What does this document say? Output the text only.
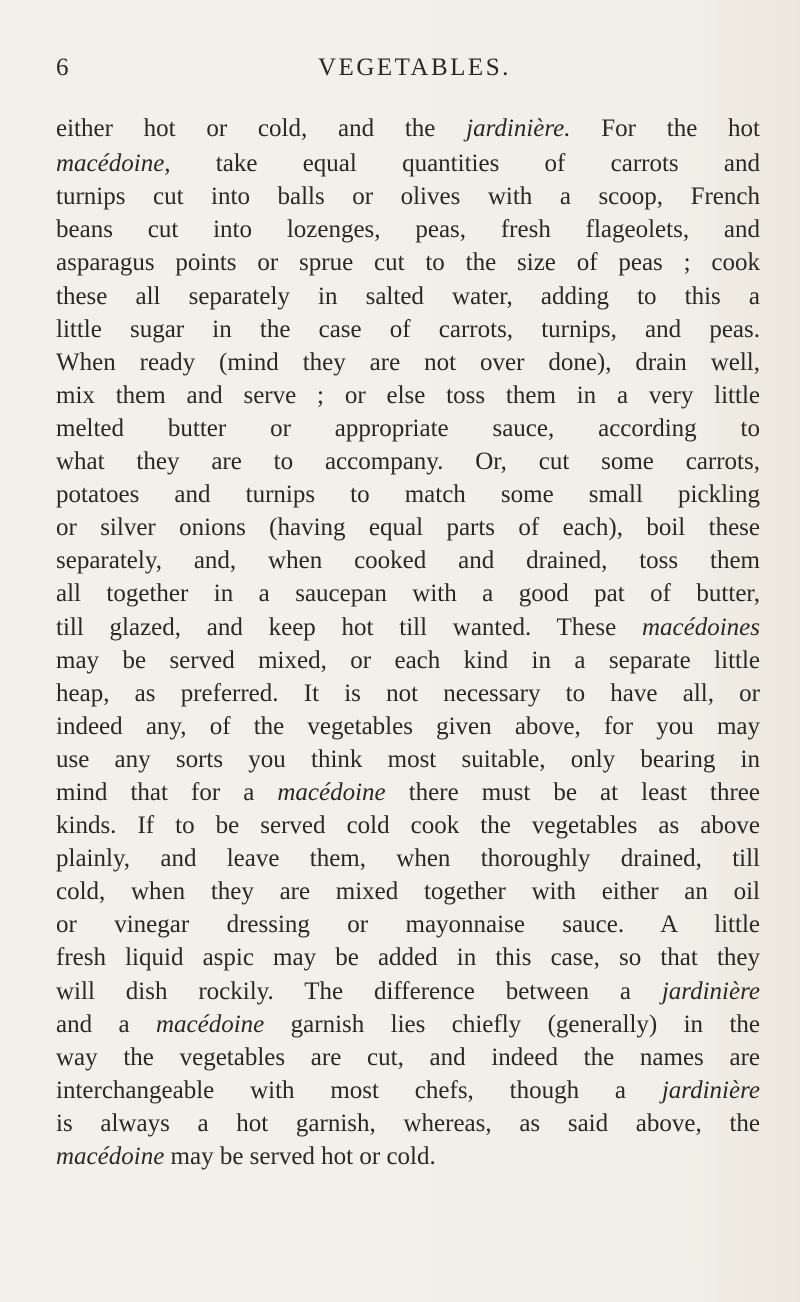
6	VEGETABLES.
either hot or cold, and the jardinière. For the hot
macédoine, take equal quantities of carrots and
turnips cut into balls or olives with a scoop, French
beans cut into lozenges, peas, fresh flageolets, and
asparagus points or sprue cut to the size of peas ; cook
these all separately in salted water, adding to this a
little sugar in the case of carrots, turnips, and peas.
When ready (mind they are not over done), drain well,
mix them and serve ; or else toss them in a very little
melted butter or appropriate sauce, according to
what they are to accompany. Or, cut some carrots,
potatoes and turnips to match some small pickling
or silver onions (having equal parts of each), boil these
separately, and, when cooked and drained, toss them
all together in a saucepan with a good pat of butter,
till glazed, and keep hot till wanted. These macédoines
may be served mixed, or each kind in a separate little
heap, as preferred. It is not necessary to have all, or
indeed any, of the vegetables given above, for you may
use any sorts you think most suitable, only bearing in
mind that for a macédoine there must be at least three
kinds. If to be served cold cook the vegetables as above
plainly, and leave them, when thoroughly drained, till
cold, when they are mixed together with either an oil
or vinegar dressing or mayonnaise sauce. A little
fresh liquid aspic may be added in this case, so that they
will dish rockily. The difference between a jardinière
and a macédoine garnish lies chiefly (generally) in the
way the vegetables are cut, and indeed the names are
interchangeable with most chefs, though a jardinière
is always a hot garnish, whereas, as said above, the
macédoine may be served hot or cold.
